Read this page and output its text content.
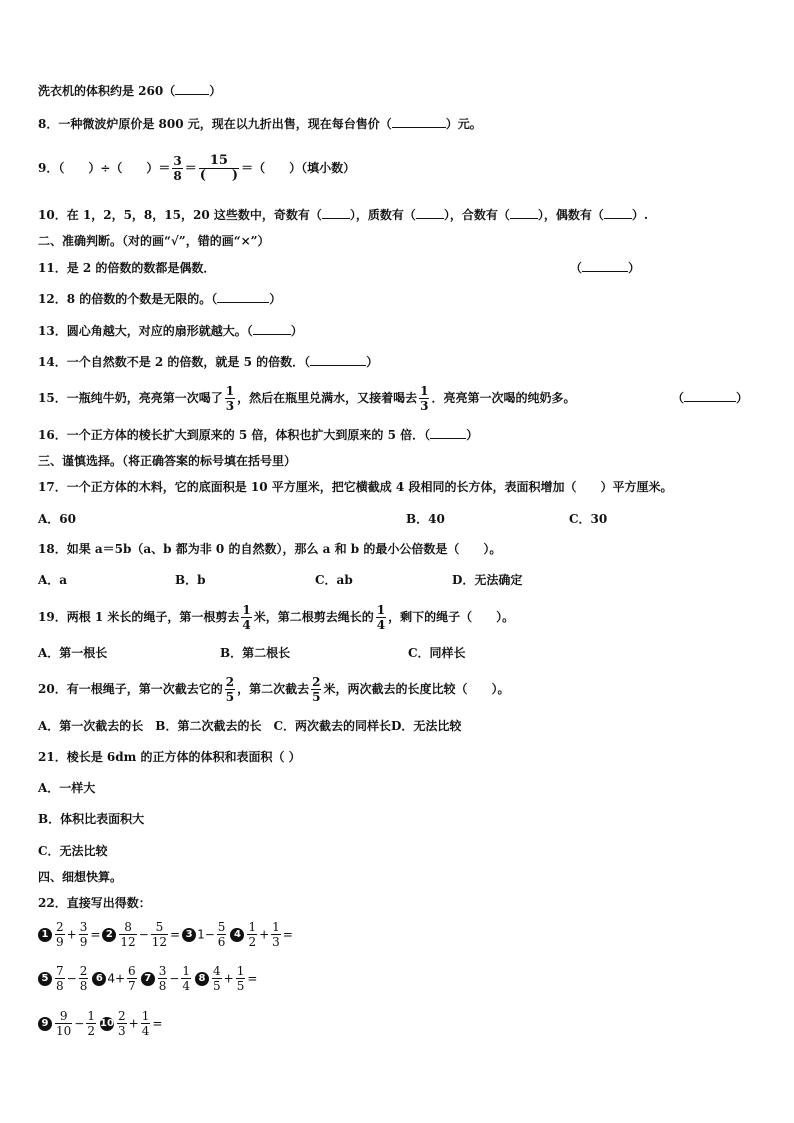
洗衣机的体积约是 260（	）
8．一种微波炉原价是 800 元，现在以九折出售，现在每台售价（	）元。
9．（　　）÷（　　）＝ $\frac{3}{8} = \frac{15}{( )}$ ＝（　　）（填小数）
10．在 1，2，5，8，15，20 这些数中，奇数有（ ），质数有（ ），合数有（ ），偶数有（ ）.
二、准确判断。（对的画“√”，错的画“×”）
11．是 2 的倍数的数都是偶数．	（	）
12．8 的倍数的个数是无限的。（	）
13．圆心角越大，对应的扇形就越大。（	）
14．一个自然数不是 2 的倍数，就是 5 的倍数．（	）
15．一瓶纯牛奶，亮亮第一次喝了 $\frac{1}{3}$ ，然后在瓶里兑满水，又接着喝去 $\frac{1}{3}$ ．亮亮第一次喝的纯奶多。	（	）
16．一个正方体的棱长扩大到原来的 5 倍，体积也扩大到原来的 5 倍．（	）
三、谨慎选择。（将正确答案的标号填在括号里）
17．一个正方体的木料，它的底面积是 10 平方厘米，把它横截成 4 段相同的长方体，表面积增加（　　）平方厘米。
A．60	B．40	C．30
18．如果 a＝5b（a、b 都为非 0 的自然数），那么 a 和 b 的最小公倍数是（　　）。
A．a	B．b	C．ab	D．无法确定
19．两根 1 米长的绳子，第一根剪去 $\frac{1}{4}$ 米，第二根剪去绳长的 $\frac{1}{4}$ ，剩下的绳子（　　）。
A．第一根长	B．第二根长	C．同样长
20．有一根绳子，第一次截去它的 $\frac{2}{5}$ ，第二次截去 $\frac{2}{5}$ 米，两次截去的长度比较（　　）。
A．第一次截去的长　B．第二次截去的长　C．两次截去的同样长D．无法比较
21．棱长是 6dm 的正方体的体积和表面积（ ）
A．一样大
B．体积比表面积大
C．无法比较
四、细想快算。
22．直接写出得数：
$1 \frac{2}{9} + \frac{3}{9} = 2 \frac{8}{12} - \frac{5}{12} = 3$ $1- \frac{5}{6} 4 \frac{1}{2} + \frac{1}{3}$ =
$5 \frac{7}{8} - \frac{2}{8} 6$ $4+ \frac{6}{7} 7 \frac{3}{8} - \frac{1}{4} 8 \frac{4}{5} + \frac{1}{5}$ =
$9 \frac{9}{10} - \frac{1}{2} 10 \frac{2}{3} + \frac{1}{4}$ =
